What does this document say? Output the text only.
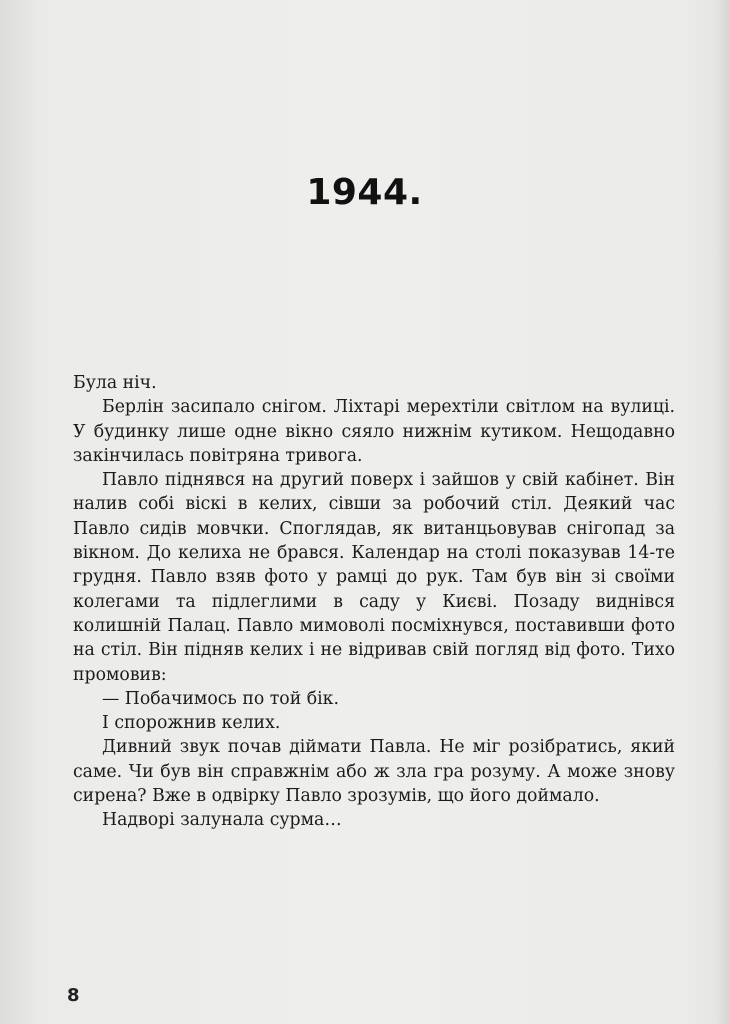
1944.

Була ніч.

Берлін засипало снігом. Ліхтарі мерехтіли світлом на вулиці. У будинку лише одне вікно сяяло нижнім кутиком. Нещодавно закінчилась повітряна тривога.

Павло піднявся на другий поверх і зайшов у свій кабінет. Він налив собі віскі в келих, сівши за робочий стіл. Деякий час Павло сидів мовчки. Споглядав, як витанцьовував снігопад за вікном. До келиха не брався. Календар на столі показував 14-те грудня. Павло взяв фото у рамці до рук. Там був він зі своїми колегами та підлеглими в саду у Києві. Позаду виднівся колишній Палац. Павло мимоволі посміхнувся, поставивши фото на стіл. Він підняв келих і не відривав свій погляд від фото. Тихо промовив:

— Побачимось по той бік.

І спорожнив келих.

Дивний звук почав діймати Павла. Не міг розібратись, який саме. Чи був він справжнім або ж зла гра розуму. А може знову сирена? Вже в одвірку Павло зрозумів, що його доймало.

Надворі залунала сурма…

8
